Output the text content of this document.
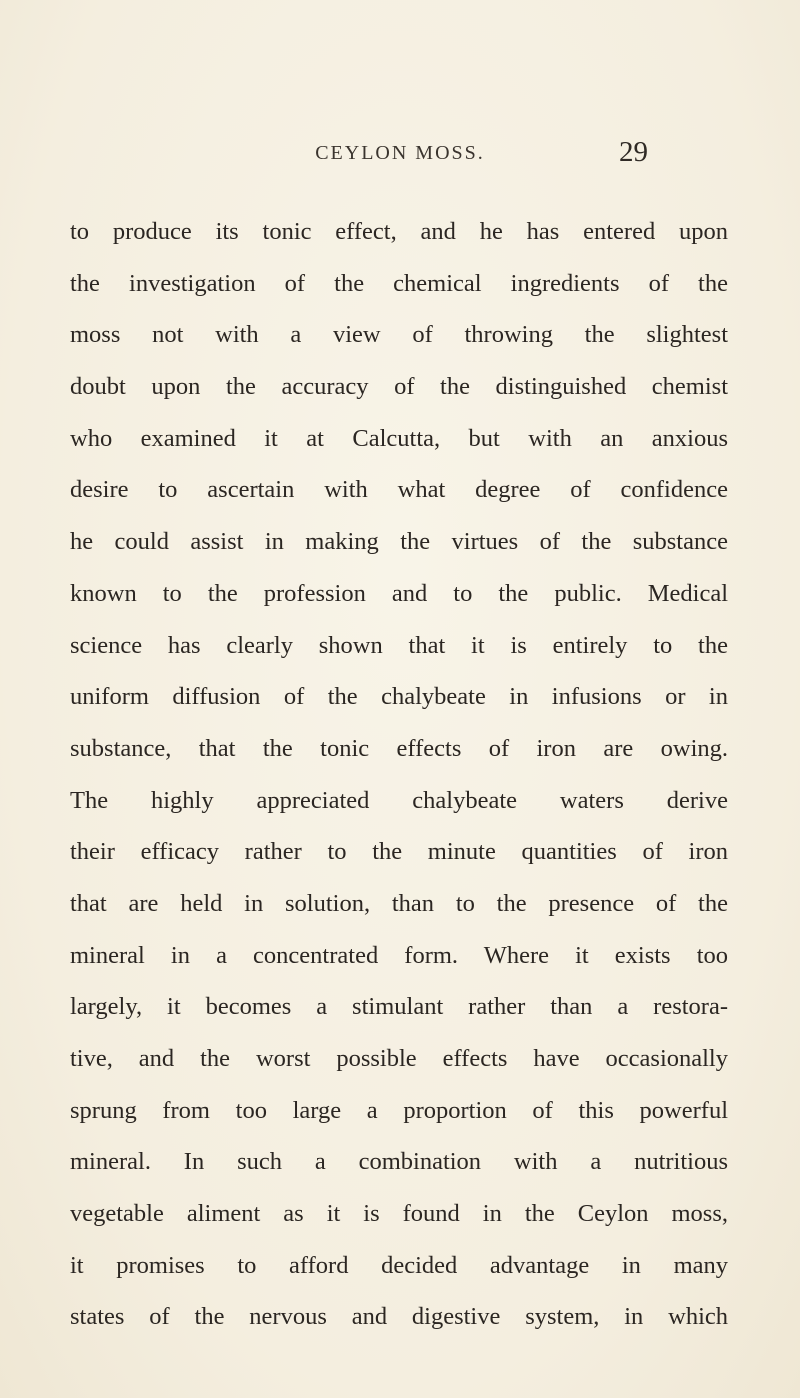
CEYLON MOSS.	29
to produce its tonic effect, and he has entered upon
the investigation of the chemical ingredients of the
moss not with a view of throwing the slightest
doubt upon the accuracy of the distinguished chemist
who examined it at Calcutta, but with an anxious
desire to ascertain with what degree of confidence
he could assist in making the virtues of the substance
known to the profession and to the public. Medical
science has clearly shown that it is entirely to the
uniform diffusion of the chalybeate in infusions or in
substance, that the tonic effects of iron are owing.
The highly appreciated chalybeate waters derive
their efficacy rather to the minute quantities of iron
that are held in solution, than to the presence of the
mineral in a concentrated form. Where it exists too
largely, it becomes a stimulant rather than a restora-
tive, and the worst possible effects have occasionally
sprung from too large a proportion of this powerful
mineral. In such a combination with a nutritious
vegetable aliment as it is found in the Ceylon moss,
it promises to afford decided advantage in many
states of the nervous and digestive system, in which
